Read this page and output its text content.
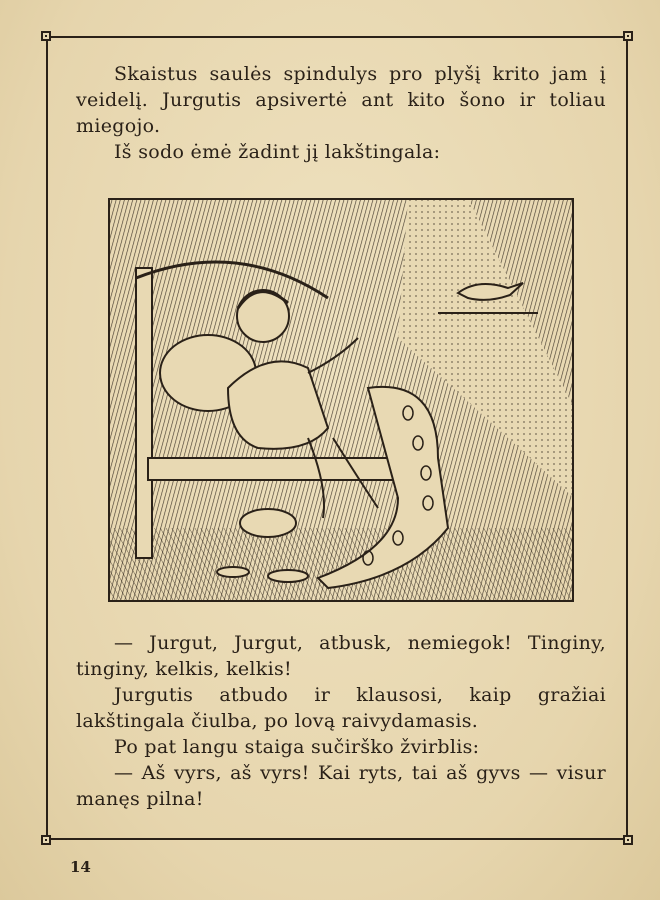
Skaistus saulės spindulys pro plyšį krito jam į veidelį. Jurgutis apsivertė ant kito šono ir toliau miegojo.

Iš sodo ėmė žadint jį lakštingala:

— Jurgut, Jurgut, atbusk, nemiegok! Tinginy, tinginy, kelkis, kelkis!

Jurgutis atbudo ir klausosi, kaip gražiai lakštingala čiulba, po lovą raivydamasis.

Po pat langu staiga sučirško žvirblis:

— Aš vyrs, aš vyrs! Kai ryts, tai aš gyvs — visur manęs pilna!

14
